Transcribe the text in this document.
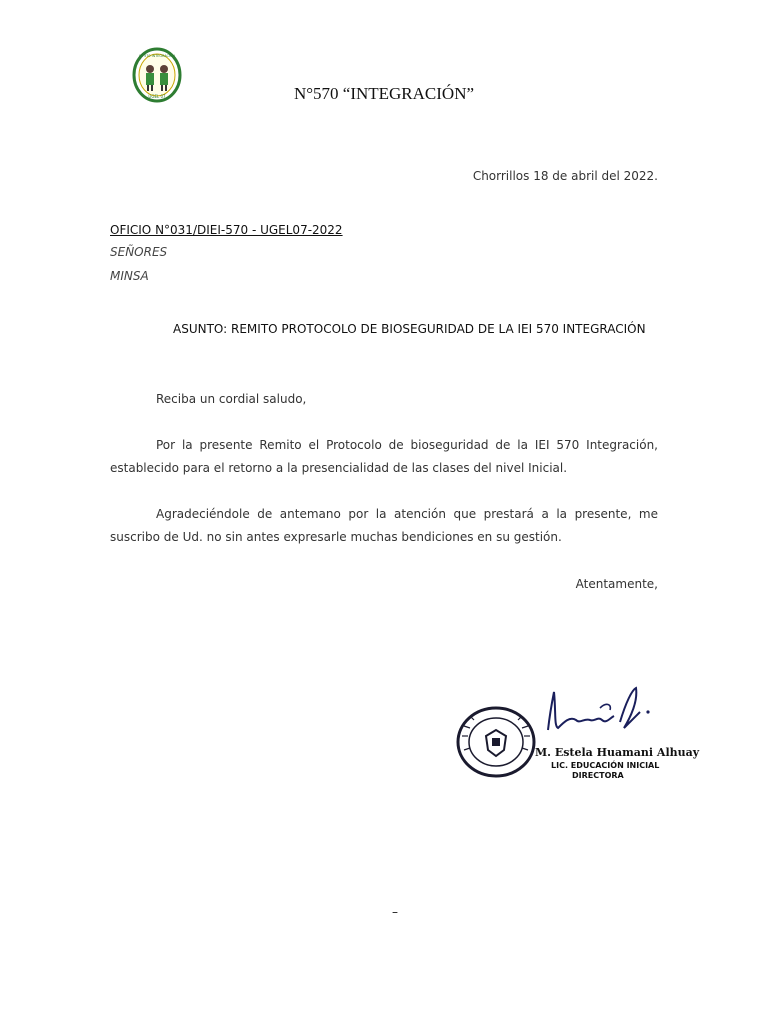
UGEL 07
IEI 570 INTEGRACIÓN
N°570 “INTEGRACIÓN”
Chorrillos 18 de abril del 2022.
OFICIO N°031/DIEI-570 - UGEL07-2022
SEÑORES
MINSA
ASUNTO: REMITO PROTOCOLO DE BIOSEGURIDAD DE LA IEI 570 INTEGRACIÓN
Reciba un cordial saludo,
Por la presente Remito el Protocolo de bioseguridad de la IEI 570 Integración, establecido para el retorno a la presencialidad de las clases del nivel Inicial.
Agradeciéndole de antemano por la atención que prestará a la presente, me suscribo de Ud. no sin antes expresarle muchas bendiciones en su gestión.
Atentamente,
M. Estela Huamani Alhuay
LIC. EDUCACIÓN INICIAL
DIRECTORA
–
